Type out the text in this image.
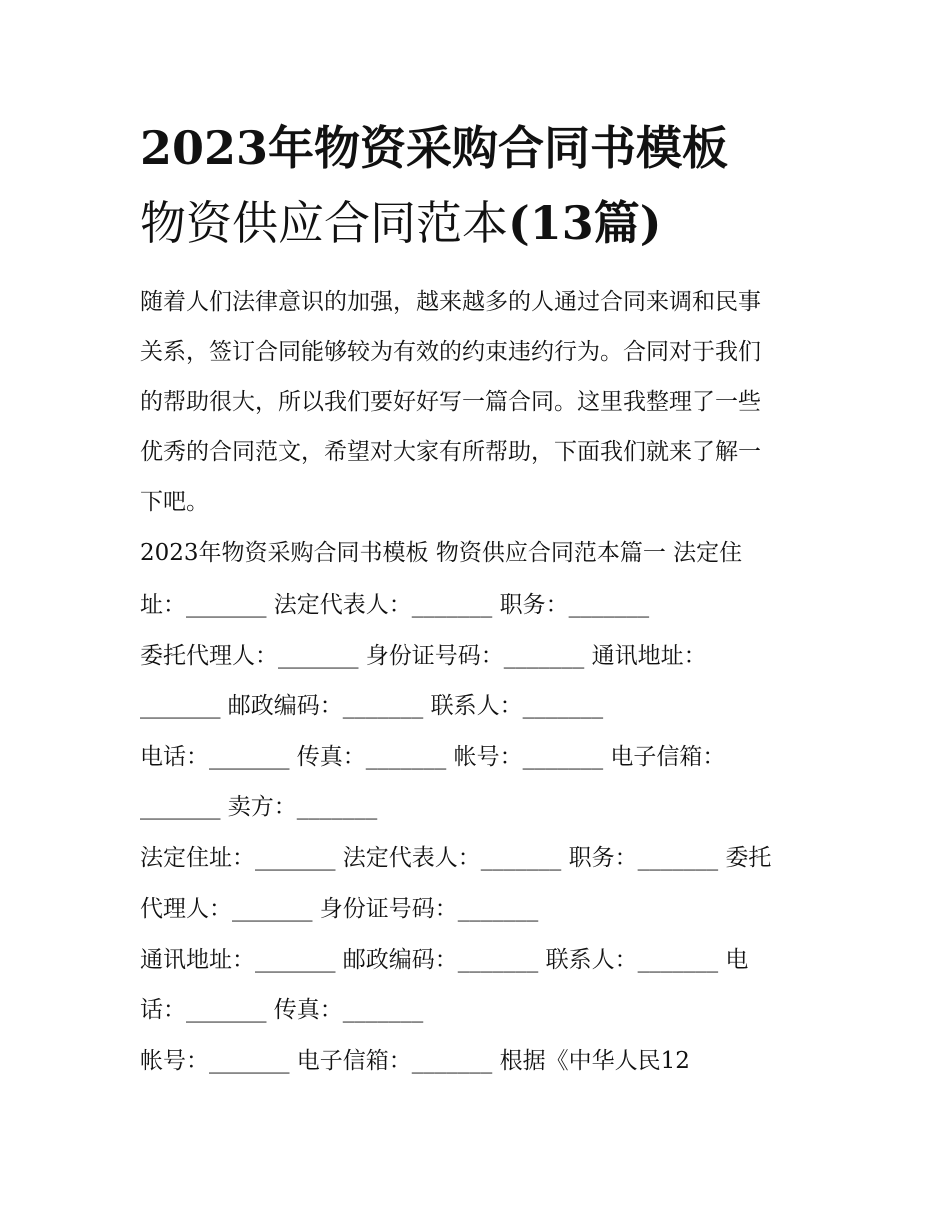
2023年物资采购合同书模板
物资供应合同范本(13篇)

随着人们法律意识的加强，越来越多的人通过合同来调和民事

关系，签订合同能够较为有效的约束违约行为。合同对于我们

的帮助很大，所以我们要好好写一篇合同。这里我整理了一些

优秀的合同范文，希望对大家有所帮助，下面我们就来了解一

下吧。

2023年物资采购合同书模板 物资供应合同范本篇一 法定住

址：_______ 法定代表人：_______ 职务：_______

委托代理人：_______ 身份证号码：_______ 通讯地址：

_______ 邮政编码：_______ 联系人：_______

电话：_______ 传真：_______ 帐号：_______ 电子信箱：

_______ 卖方：_______

法定住址：_______ 法定代表人：_______ 职务：_______ 委托

代理人：_______ 身份证号码：_______

通讯地址：_______ 邮政编码：_______ 联系人：_______ 电

话：_______ 传真：_______

帐号：_______ 电子信箱：_______ 根据《中华人民12
